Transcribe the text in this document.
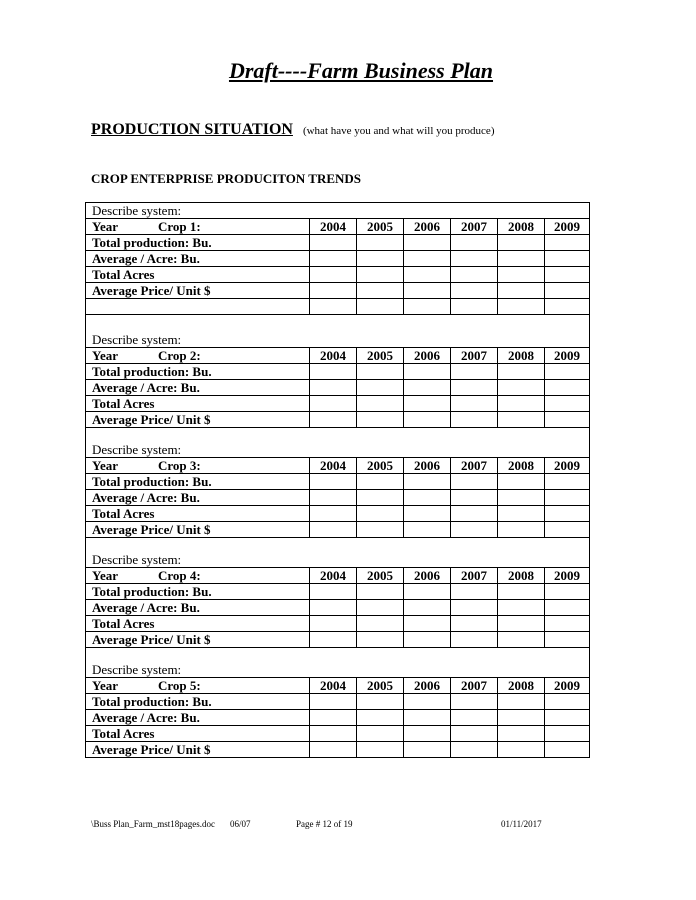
Draft----Farm Business Plan
PRODUCTION SITUATION (what have you and what will you produce)
CROP ENTERPRISE PRODUCITON TRENDS
Describe system:						
Year Crop 1:	2004	2005	2006	2007	2008	2009
Total production: Bu.						
Average / Acre: Bu.						
Total Acres						
Average Price/ Unit $						

Describe system:						
Year Crop 2:	2004	2005	2006	2007	2008	2009
Total production: Bu.						
Average / Acre: Bu.						
Total Acres						
Average Price/ Unit $						
Describe system:						
Year Crop 3:	2004	2005	2006	2007	2008	2009
Total production: Bu.						
Average / Acre: Bu.						
Total Acres						
Average Price/ Unit $						
Describe system:						
Year Crop 4:	2004	2005	2006	2007	2008	2009
Total production: Bu.						
Average / Acre: Bu.						
Total Acres						
Average Price/ Unit $						
Describe system:						
Year Crop 5:	2004	2005	2006	2007	2008	2009
Total production: Bu.						
Average / Acre: Bu.						
Total Acres						
Average Price/ Unit $						
\Buss Plan_Farm_mst18pages.doc 06/07	Page # 12 of 19	01/11/2017
